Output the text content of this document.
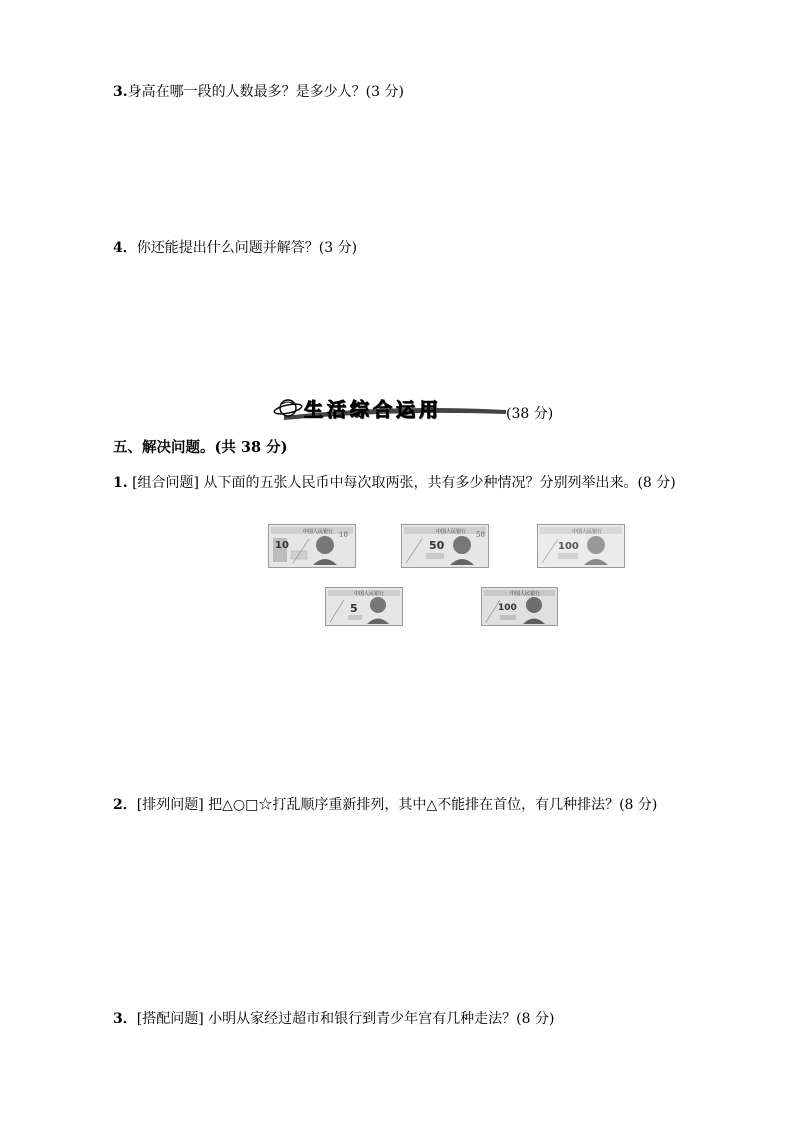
3.身高在哪一段的人数最多？是多少人？(3 分)
4．你还能提出什么问题并解答？(3 分)
生活综合运用	(38 分)
五、解决问题。(共 38 分)
1. [组合问题] 从下面的五张人民币中每次取两张，共有多少种情况？分别列举出来。(8 分)
10
中国人民银行 10	中国人民银行
50
50	中国人民银行
100
中国人民银行
5
中国人民银行
100
2．[排列问题] 把△○□☆打乱顺序重新排列，其中△不能排在首位，有几种排法？(8 分)
3．[搭配问题] 小明从家经过超市和银行到青少年宫有几种走法？(8 分)
